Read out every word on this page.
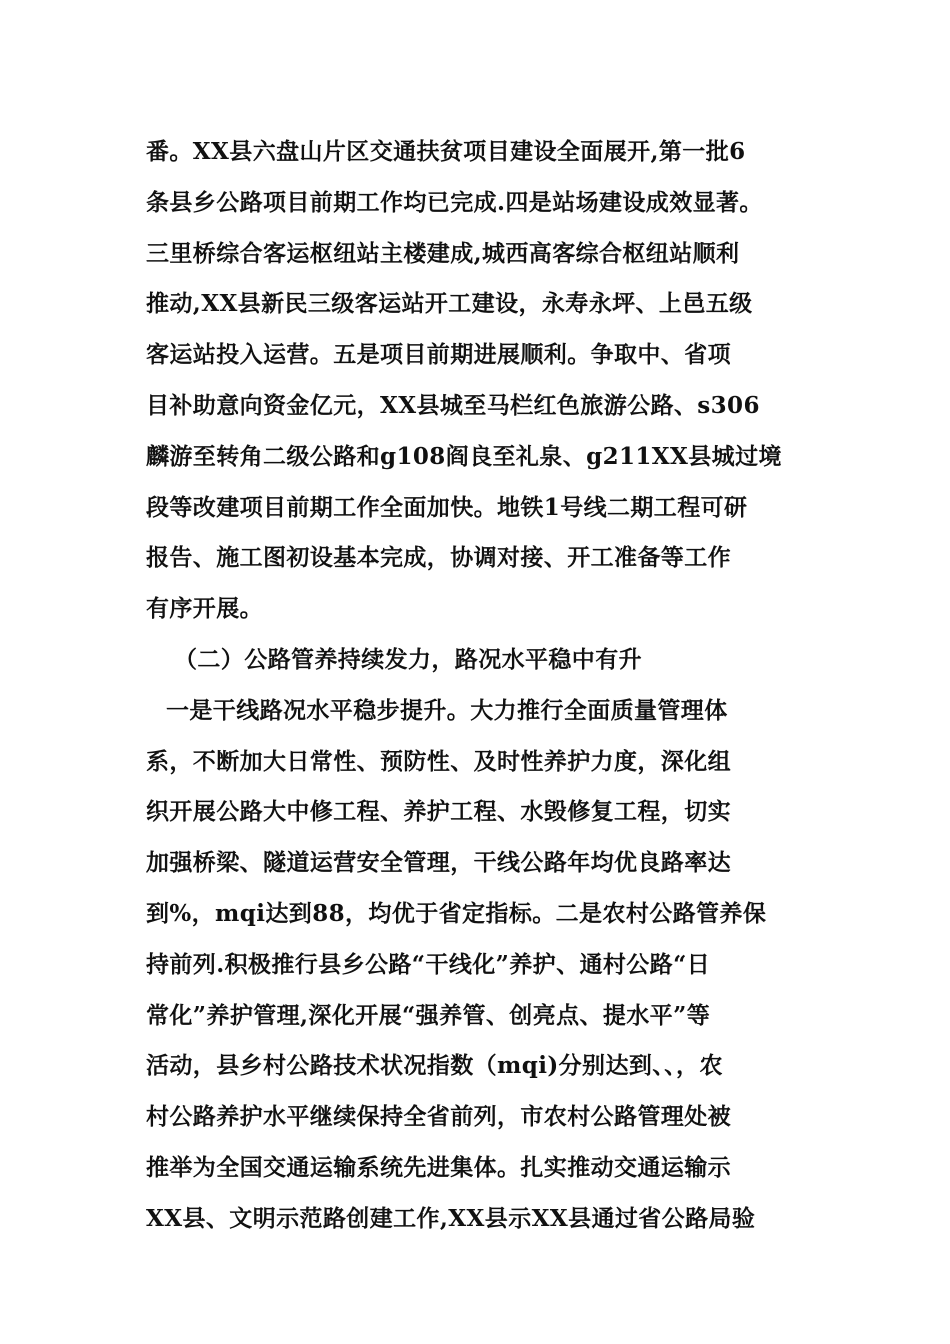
番。XX县六盘山片区交通扶贫项目建设全面展开,第一批6
条县乡公路项目前期工作均已完成.四是站场建设成效显著。
三里桥综合客运枢纽站主楼建成,城西高客综合枢纽站顺利
推动,XX县新民三级客运站开工建设，永寿永坪、上邑五级
客运站投入运营。五是项目前期进展顺利。争取中、省项
目补助意向资金亿元，XX县城至马栏红色旅游公路、s306
麟游至转角二级公路和g108阎良至礼泉、g211XX县城过境
段等改建项目前期工作全面加快。地铁1号线二期工程可研
报告、施工图初设基本完成，协调对接、开工准备等工作
有序开展。
（二）公路管养持续发力，路况水平稳中有升
一是干线路况水平稳步提升。大力推行全面质量管理体
系，不断加大日常性、预防性、及时性养护力度，深化组
织开展公路大中修工程、养护工程、水毁修复工程，切实
加强桥梁、隧道运营安全管理，干线公路年均优良路率达
到%，mqi达到88，均优于省定指标。二是农村公路管养保
持前列.积极推行县乡公路“干线化”养护、通村公路“日
常化”养护管理,深化开展“强养管、创亮点、提水平”等
活动，县乡村公路技术状况指数（mqi)分别达到、、，农
村公路养护水平继续保持全省前列，市农村公路管理处被
推举为全国交通运输系统先进集体。扎实推动交通运输示
XX县、文明示范路创建工作,XX县示XX县通过省公路局验
